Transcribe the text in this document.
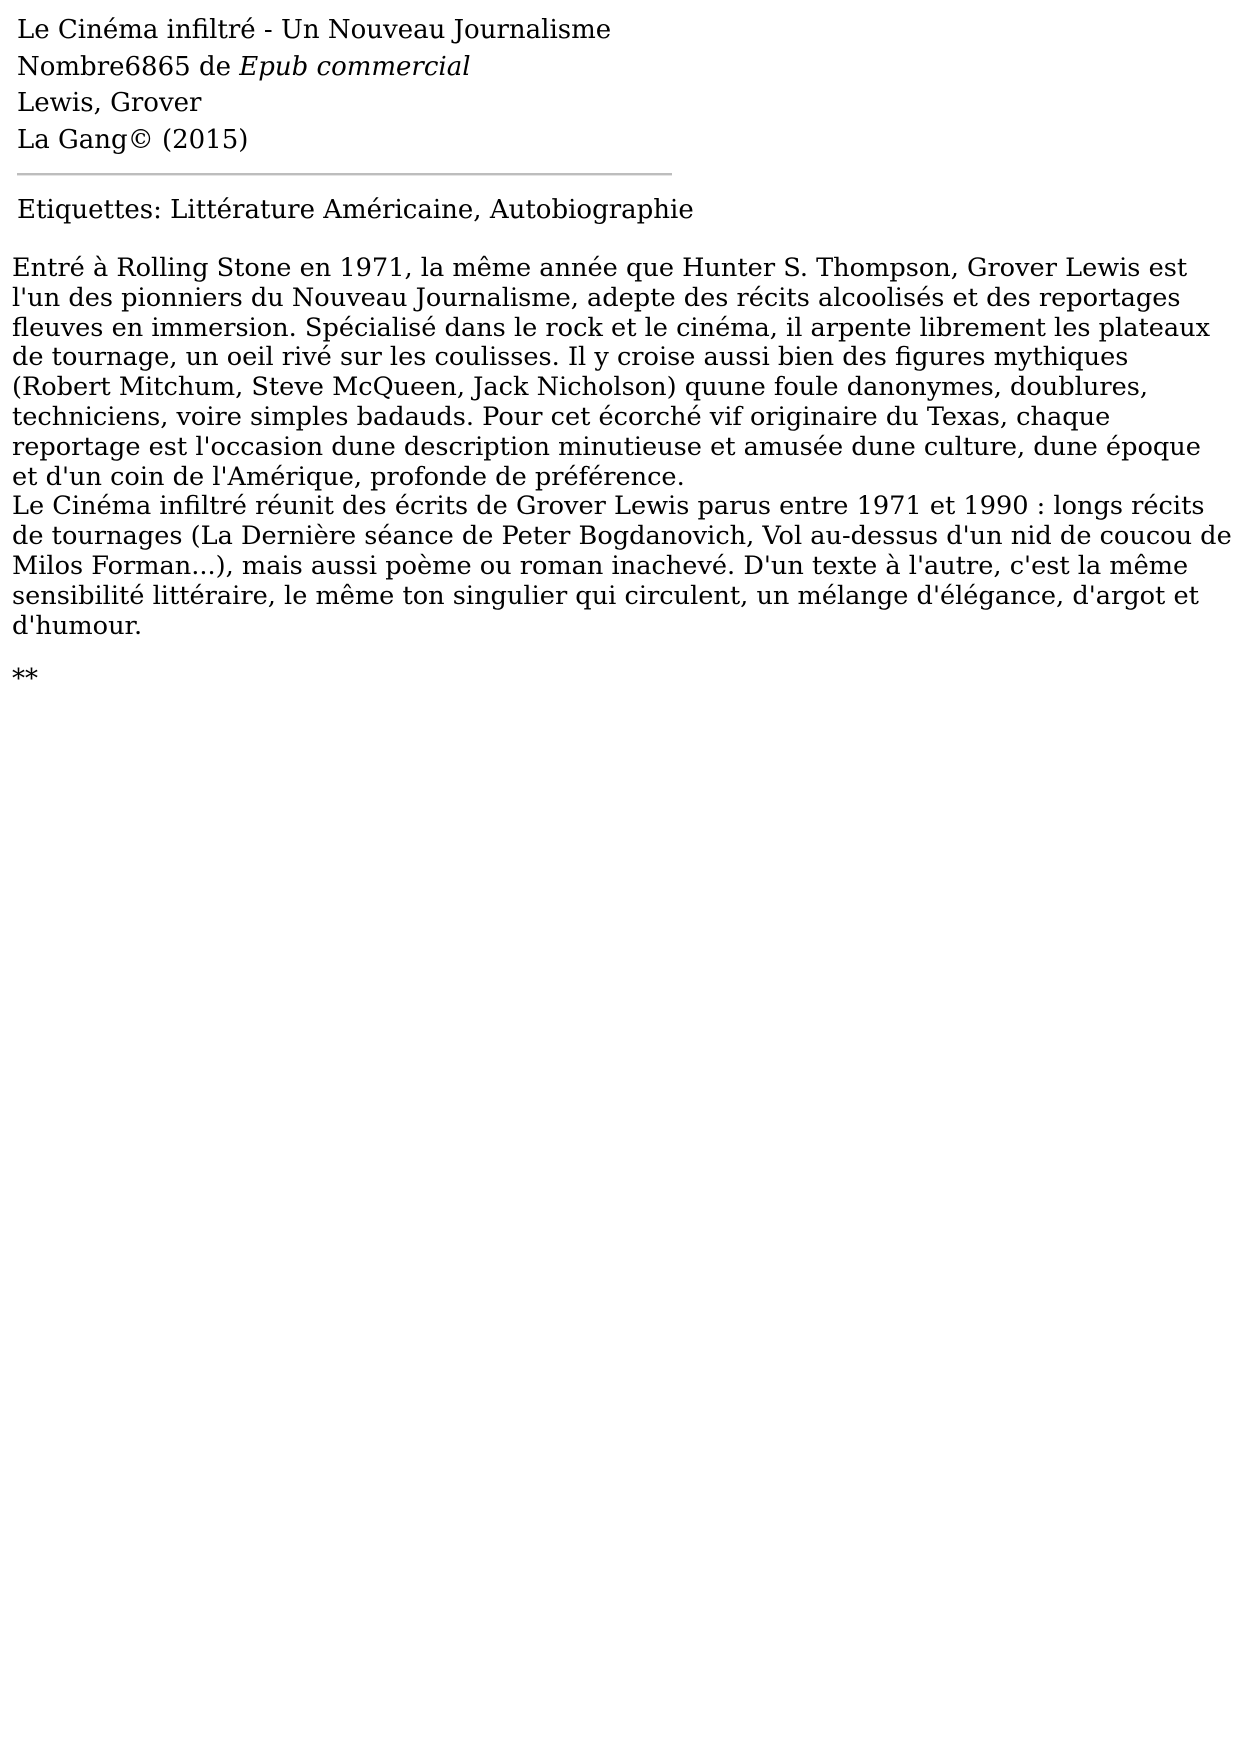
Le Cinéma infiltré - Un Nouveau Journalisme
Nombre6865 de Epub commercial
Lewis, Grover
La Gang© (2015)
Etiquettes: Littérature Américaine, Autobiographie

Entré à Rolling Stone en 1971, la même année que Hunter S. Thompson, Grover Lewis est l'un des pionniers du Nouveau Journalisme, adepte des récits alcoolisés et des reportages fleuves en immersion. Spécialisé dans le rock et le cinéma, il arpente librement les plateaux de tournage, un oeil rivé sur les coulisses. Il y croise aussi bien des figures mythiques (Robert Mitchum, Steve McQueen, Jack Nicholson) quune foule danonymes, doublures, techniciens, voire simples badauds. Pour cet écorché vif originaire du Texas, chaque reportage est l'occasion dune description minutieuse et amusée dune culture, dune époque et d'un coin de l'Amérique, profonde de préférence.

Le Cinéma infiltré réunit des écrits de Grover Lewis parus entre 1971 et 1990 : longs récits de tournages (La Dernière séance de Peter Bogdanovich, Vol au-dessus d'un nid de coucou de Milos Forman...), mais aussi poème ou roman inachevé. D'un texte à l'autre, c'est la même sensibilité littéraire, le même ton singulier qui circulent, un mélange d'élégance, d'argot et d'humour.

**
